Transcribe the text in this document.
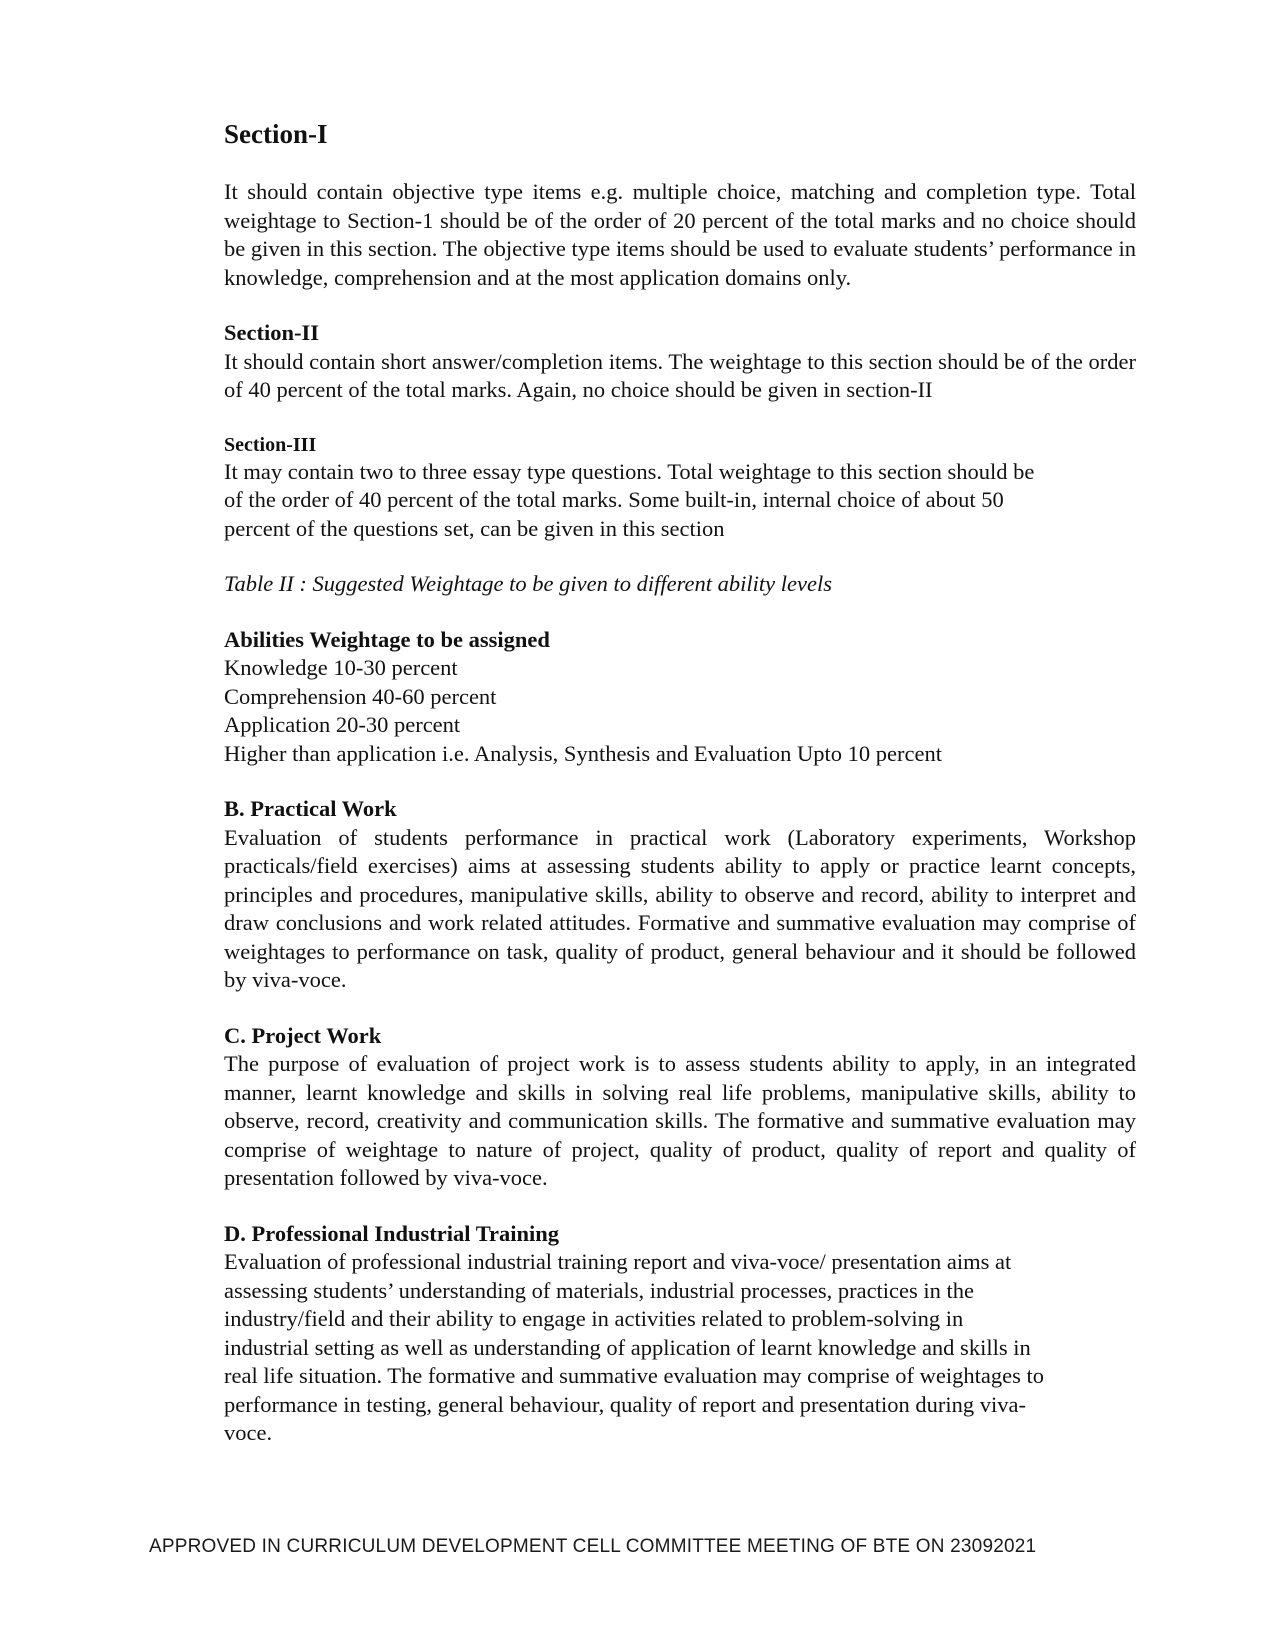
Section-I

It should contain objective type items e.g. multiple choice, matching and completion type. Total weightage to Section-1 should be of the order of 20 percent of the total marks and no choice should be given in this section. The objective type items should be used to evaluate students’ performance in knowledge, comprehension and at the most application domains only.

Section-II

It should contain short answer/completion items. The weightage to this section should be of the order of 40 percent of the total marks. Again, no choice should be given in section-II

Section-III
It may contain two to three essay type questions. Total weightage to this section should be
of the order of 40 percent of the total marks. Some built-in, internal choice of about 50
percent of the questions set, can be given in this section
Table II : Suggested Weightage to be given to different ability levels
Abilities Weightage to be assigned
Knowledge 10-30 percent
Comprehension 40-60 percent
Application 20-30 percent
Higher than application i.e. Analysis, Synthesis and Evaluation Upto 10 percent
B. Practical Work

Evaluation of students performance in practical work (Laboratory experiments, Workshop practicals/field exercises) aims at assessing students ability to apply or practice learnt concepts, principles and procedures, manipulative skills, ability to observe and record, ability to interpret and draw conclusions and work related attitudes. Formative and summative evaluation may comprise of weightages to performance on task, quality of product, general behaviour and it should be followed by viva-voce.

C. Project Work

The purpose of evaluation of project work is to assess students ability to apply, in an integrated manner, learnt knowledge and skills in solving real life problems, manipulative skills, ability to observe, record, creativity and communication skills. The formative and summative evaluation may comprise of weightage to nature of project, quality of product, quality of report and quality of presentation followed by viva-voce.

D. Professional Industrial Training
Evaluation of professional industrial training report and viva-voce/ presentation aims at
assessing students’ understanding of materials, industrial processes, practices in the
industry/field and their ability to engage in activities related to problem-solving in
industrial setting as well as understanding of application of learnt knowledge and skills in
real life situation. The formative and summative evaluation may comprise of weightages to
performance in testing, general behaviour, quality of report and presentation during viva-
voce.
APPROVED IN CURRICULUM DEVELOPMENT CELL COMMITTEE MEETING OF BTE ON 23092021
